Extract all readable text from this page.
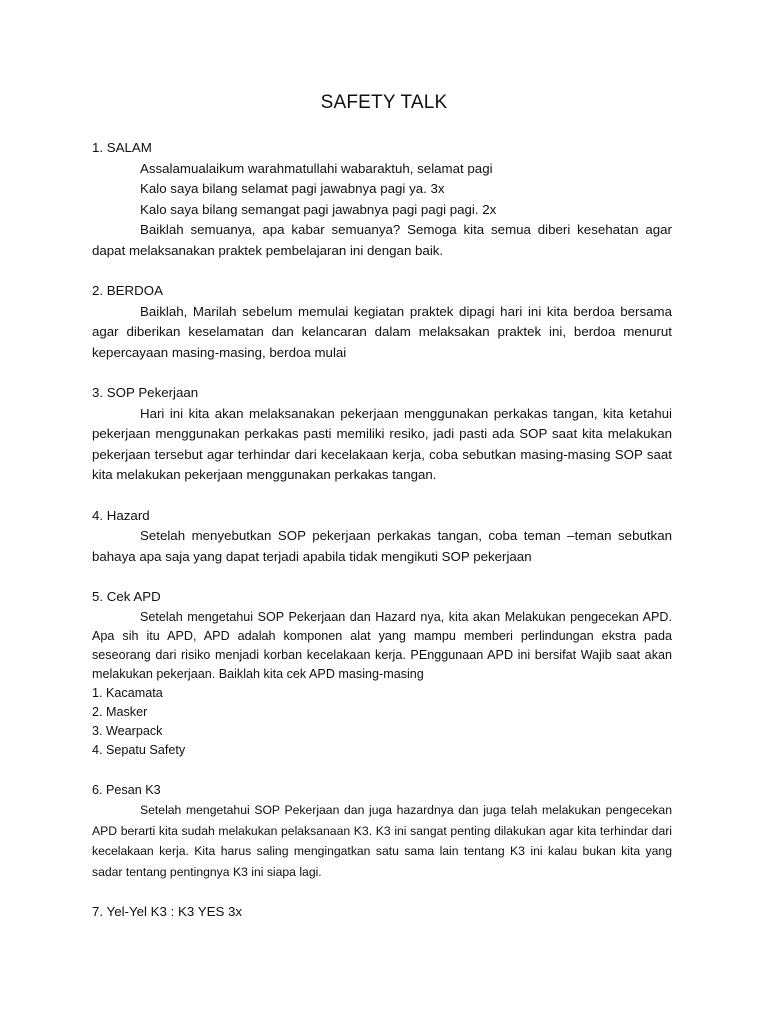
SAFETY TALK
1. SALAM
Assalamualaikum warahmatullahi wabaraktuh, selamat pagi
Kalo saya bilang selamat pagi jawabnya pagi ya. 3x
Kalo saya bilang semangat pagi jawabnya pagi pagi pagi. 2x

Baiklah semuanya, apa kabar semuanya? Semoga kita semua diberi kesehatan agar dapat melaksanakan praktek pembelajaran ini dengan baik.

2. BERDOA

Baiklah, Marilah sebelum memulai kegiatan praktek dipagi hari ini kita berdoa bersama agar diberikan keselamatan dan kelancaran dalam melaksakan praktek ini, berdoa menurut kepercayaan masing-masing, berdoa mulai

3. SOP Pekerjaan

Hari ini kita akan melaksanakan pekerjaan menggunakan perkakas tangan, kita ketahui pekerjaan menggunakan perkakas pasti memiliki resiko, jadi pasti ada SOP saat kita melakukan pekerjaan tersebut agar terhindar dari kecelakaan kerja, coba sebutkan masing-masing SOP saat kita melakukan pekerjaan menggunakan perkakas tangan.

4. Hazard

Setelah menyebutkan SOP pekerjaan perkakas tangan, coba teman –teman sebutkan bahaya apa saja yang dapat terjadi apabila tidak mengikuti SOP pekerjaan

5. Cek APD

Setelah mengetahui SOP Pekerjaan dan Hazard nya, kita akan Melakukan pengecekan APD. Apa sih itu APD, APD adalah komponen alat yang mampu memberi perlindungan ekstra pada seseorang dari risiko menjadi korban kecelakaan kerja. PEnggunaan APD ini bersifat Wajib saat akan melakukan pekerjaan. Baiklah kita cek APD masing-masing

1. Kacamata
2. Masker
3. Wearpack
4. Sepatu Safety
6. Pesan K3

Setelah mengetahui SOP Pekerjaan dan juga hazardnya dan juga telah melakukan pengecekan APD berarti kita sudah melakukan pelaksanaan K3. K3 ini sangat penting dilakukan agar kita terhindar dari kecelakaan kerja. Kita harus saling mengingatkan satu sama lain tentang K3 ini kalau bukan kita yang sadar tentang pentingnya K3 ini siapa lagi.

7. Yel-Yel K3 : K3 YES 3x
